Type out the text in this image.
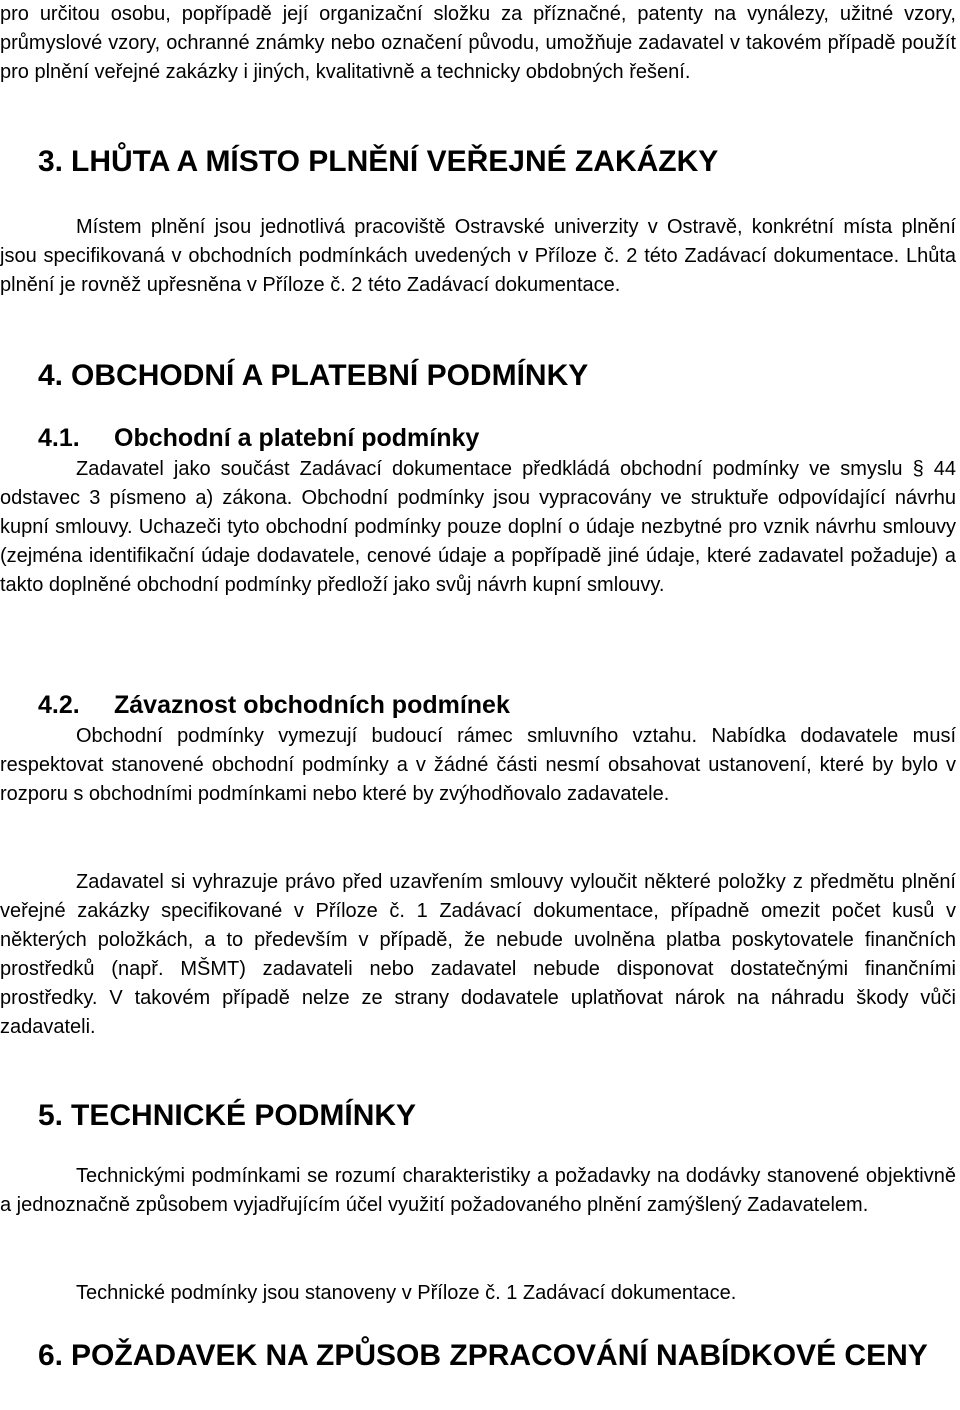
pro určitou osobu, popřípadě její organizační složku za příznačné, patenty na vynálezy, užitné vzory, průmyslové vzory, ochranné známky nebo označení původu, umožňuje zadavatel v takovém případě použít pro plnění veřejné zakázky i jiných, kvalitativně a technicky obdobných řešení.

3. LHŮTA A MÍSTO PLNĚNÍ VEŘEJNÉ ZAKÁZKY

Místem plnění jsou jednotlivá pracoviště Ostravské univerzity v Ostravě, konkrétní místa plnění jsou specifikovaná v obchodních podmínkách uvedených v Příloze č. 2 této Zadávací dokumentace. Lhůta plnění je rovněž upřesněna v Příloze č. 2 této Zadávací dokumentace.

4. OBCHODNÍ A PLATEBNÍ PODMÍNKY
4.1. Obchodní a platební podmínky

Zadavatel jako součást Zadávací dokumentace předkládá obchodní podmínky ve smyslu § 44 odstavec 3 písmeno a) zákona. Obchodní podmínky jsou vypracovány ve struktuře odpovídající návrhu kupní smlouvy. Uchazeči tyto obchodní podmínky pouze doplní o údaje nezbytné pro vznik návrhu smlouvy (zejména identifikační údaje dodavatele, cenové údaje a popřípadě jiné údaje, které zadavatel požaduje) a takto doplněné obchodní podmínky předloží jako svůj návrh kupní smlouvy.

4.2. Závaznost obchodních podmínek

Obchodní podmínky vymezují budoucí rámec smluvního vztahu. Nabídka dodavatele musí respektovat stanovené obchodní podmínky a v žádné části nesmí obsahovat ustanovení, které by bylo v rozporu s obchodními podmínkami nebo které by zvýhodňovalo zadavatele.

Zadavatel si vyhrazuje právo před uzavřením smlouvy vyloučit některé položky z předmětu plnění veřejné zakázky specifikované v Příloze č. 1 Zadávací dokumentace, případně omezit počet kusů v některých položkách, a to především v případě, že nebude uvolněna platba poskytovatele finančních prostředků (např. MŠMT) zadavateli nebo zadavatel nebude disponovat dostatečnými finančními prostředky. V takovém případě nelze ze strany dodavatele uplatňovat nárok na náhradu škody vůči zadavateli.

5. TECHNICKÉ PODMÍNKY

Technickými podmínkami se rozumí charakteristiky a požadavky na dodávky stanovené objektivně a jednoznačně způsobem vyjadřujícím účel využití požadovaného plnění zamýšlený Zadavatelem.

Technické podmínky jsou stanoveny v Příloze č. 1 Zadávací dokumentace.

6. POŽADAVEK NA ZPŮSOB ZPRACOVÁNÍ NABÍDKOVÉ CENY
